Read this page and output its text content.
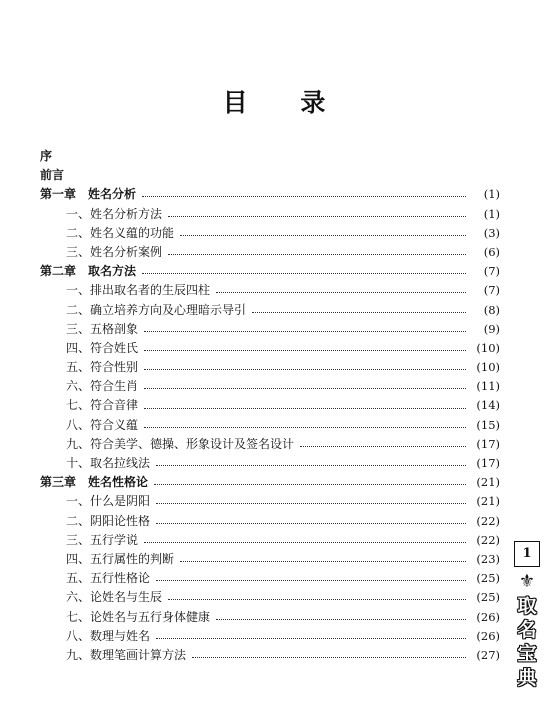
目 录
序
前言
第一章　姓名分析	(1)
一、姓名分析方法	(1)
二、姓名义蕴的功能	(3)
三、姓名分析案例	(6)
第二章　取名方法	(7)
一、排出取名者的生辰四柱	(7)
二、确立培养方向及心理暗示导引	(8)
三、五格剖象	(9)
四、符合姓氏	(10)
五、符合性别	(10)
六、符合生肖	(11)
七、符合音律	(14)
八、符合义蕴	(15)
九、符合美学、德操、形象设计及签名设计	(17)
十、取名拉线法	(17)
第三章　姓名性格论	(21)
一、什么是阴阳	(21)
二、阴阳论性格	(22)
三、五行学说	(22)
四、五行属性的判断	(23)
五、五行性格论	(25)
六、论姓名与生辰	(25)
七、论姓名与五行身体健康	(26)
八、数理与姓名	(26)
九、数理笔画计算方法	(27)
1
⚜
取
名
宝
典
